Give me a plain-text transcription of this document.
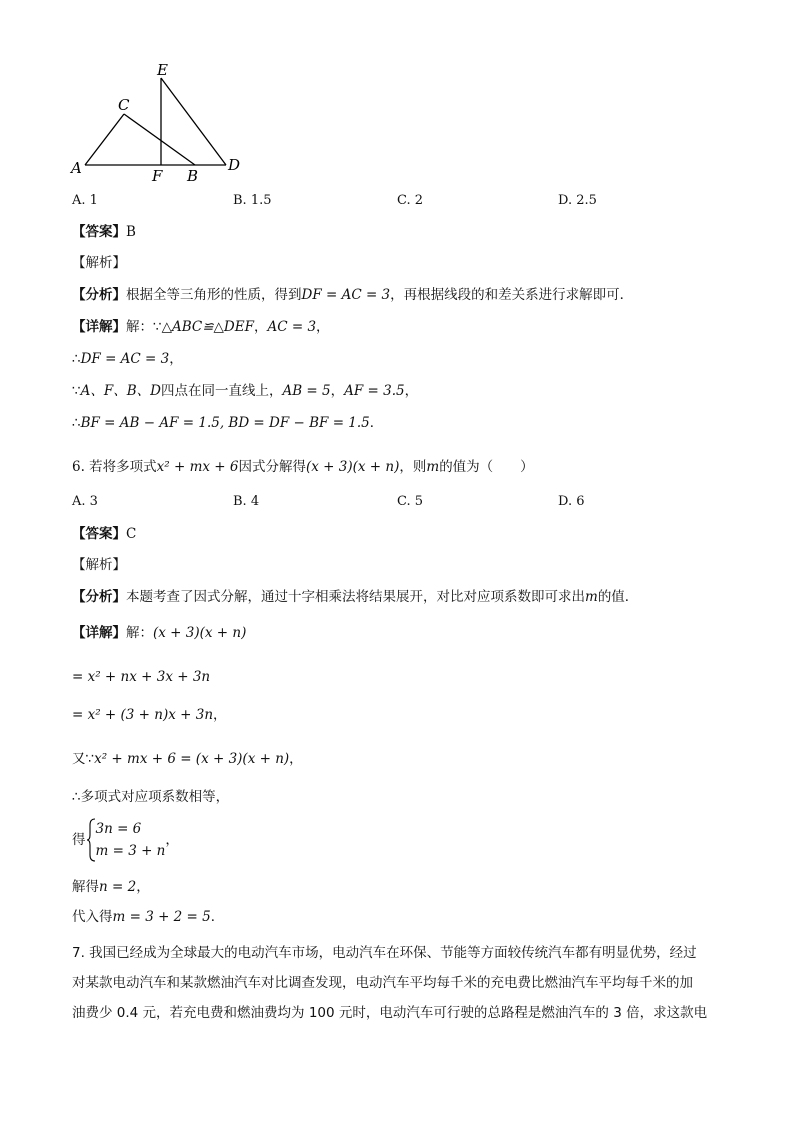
E
C
A	F B
D
A. 1	B. 1.5	C. 2	D. 2.5
【答案】B
【解析】
【分析】根据全等三角形的性质，得到DF = AC = 3，再根据线段的和差关系进行求解即可．
【详解】解：∵△ABC≌△DEF，AC = 3，
∴DF = AC = 3，
∵A、F、B、D四点在同一直线上，AB = 5，AF = 3.5，
∴BF = AB − AF = 1.5, BD = DF − BF = 1.5．
6. 若将多项式x² + mx + 6因式分解得(x + 3)(x + n)，则m的值为（　　）
A. 3	B. 4	C. 5	D. 6
【答案】C
【解析】
【分析】本题考查了因式分解，通过十字相乘法将结果展开，对比对应项系数即可求出m的值．
【详解】解：(x + 3)(x + n)
= x² + nx + 3x + 3n
= x² + (3 + n)x + 3n，
又∵x² + mx + 6 = (x + 3)(x + n)，
∴多项式对应项系数相等，
得
3n = 6
m = 3 + n
，
解得n = 2，
代入得m = 3 + 2 = 5．
7. 我国已经成为全球最大的电动汽车市场，电动汽车在环保、节能等方面较传统汽车都有明显优势，经过
对某款电动汽车和某款燃油汽车对比调查发现，电动汽车平均每千米的充电费比燃油汽车平均每千米的加
油费少 0.4 元，若充电费和燃油费均为 100 元时，电动汽车可行驶的总路程是燃油汽车的 3 倍，求这款电
